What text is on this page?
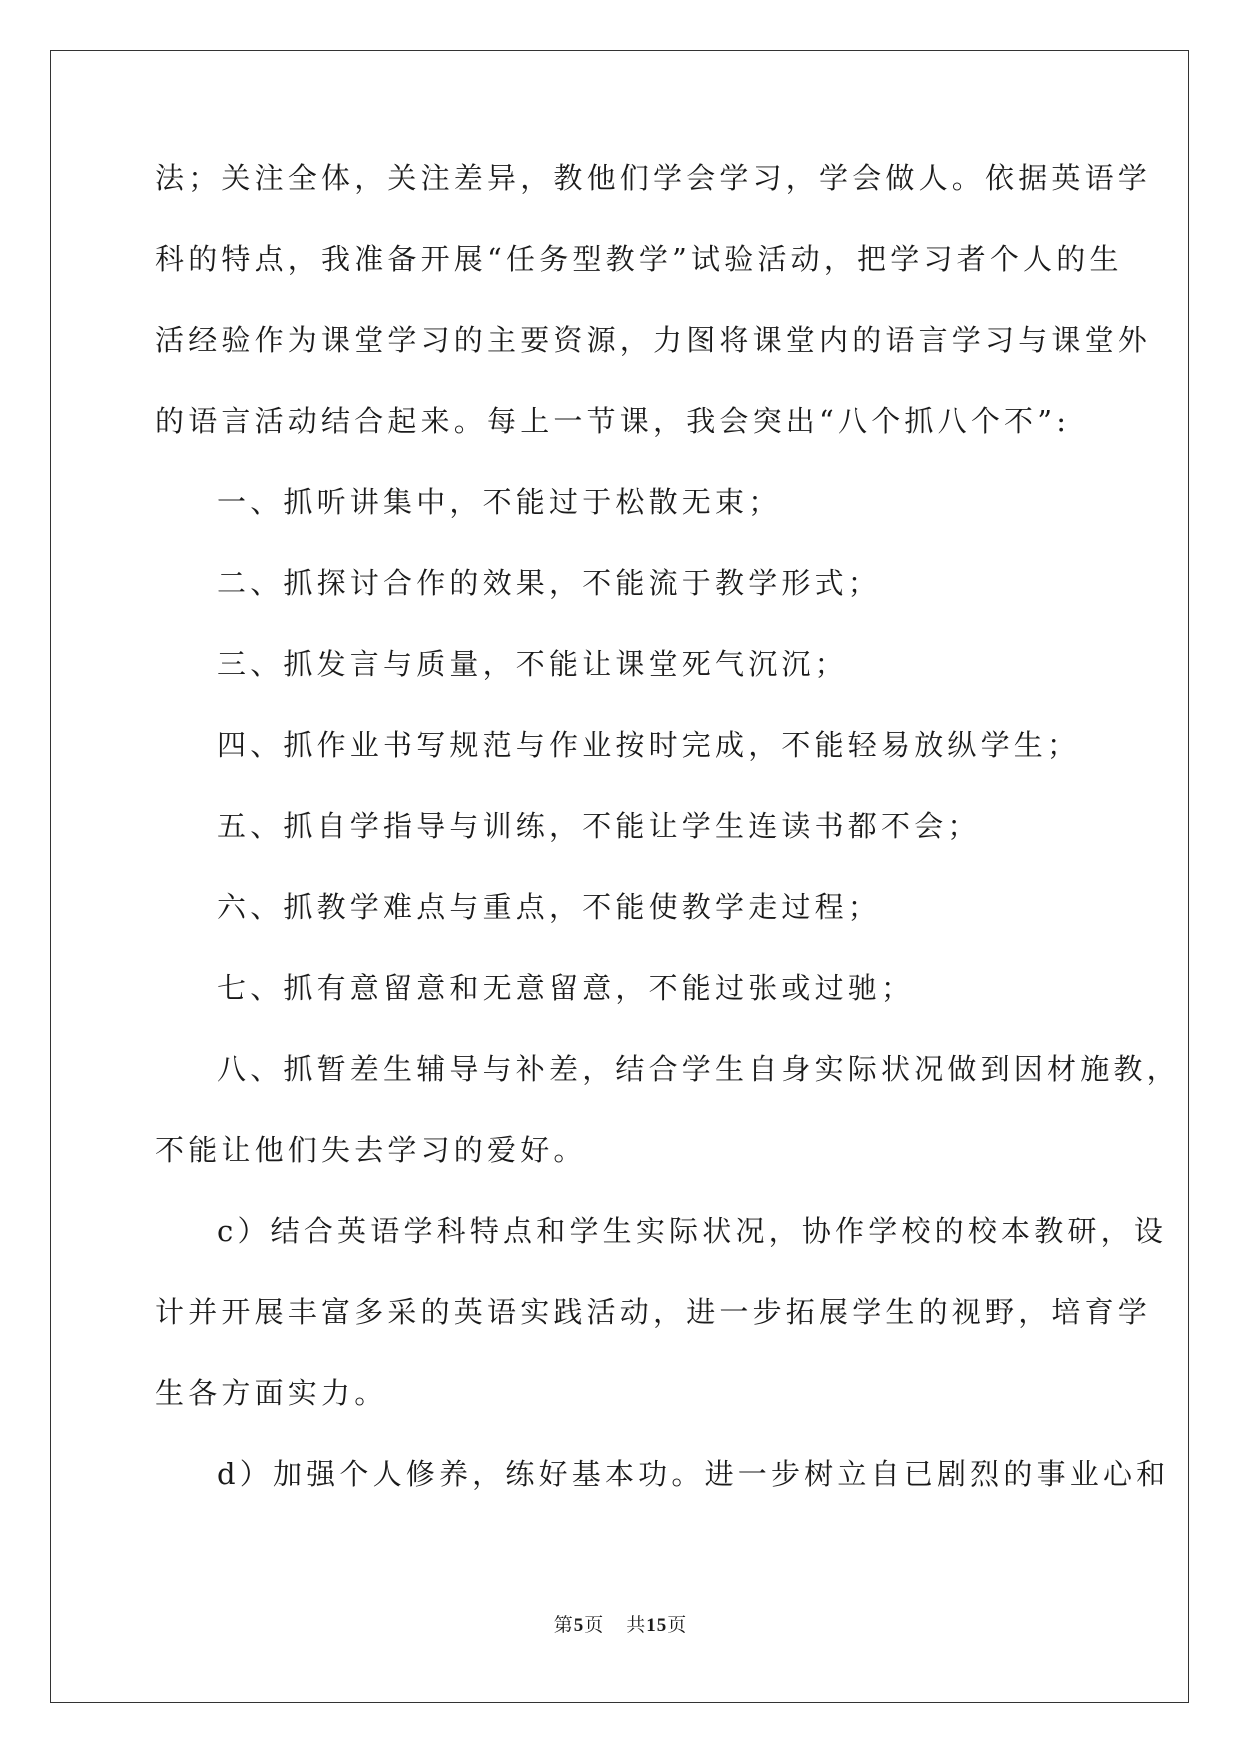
法；关注全体，关注差异，教他们学会学习，学会做人。依据英语学
科的特点，我准备开展“任务型教学”试验活动，把学习者个人的生
活经验作为课堂学习的主要资源，力图将课堂内的语言学习与课堂外
的语言活动结合起来。每上一节课，我会突出“八个抓八个不”:
一、抓听讲集中，不能过于松散无束；
二、抓探讨合作的效果，不能流于教学形式；
三、抓发言与质量，不能让课堂死气沉沉；
四、抓作业书写规范与作业按时完成，不能轻易放纵学生；
五、抓自学指导与训练，不能让学生连读书都不会；
六、抓教学难点与重点，不能使教学走过程；
七、抓有意留意和无意留意，不能过张或过驰；
八、抓暂差生辅导与补差，结合学生自身实际状况做到因材施教，
不能让他们失去学习的爱好。
c）结合英语学科特点和学生实际状况，协作学校的校本教研，设
计并开展丰富多采的英语实践活动，进一步拓展学生的视野，培育学
生各方面实力。
d）加强个人修养，练好基本功。进一步树立自已剧烈的事业心和
第5页 共15页
